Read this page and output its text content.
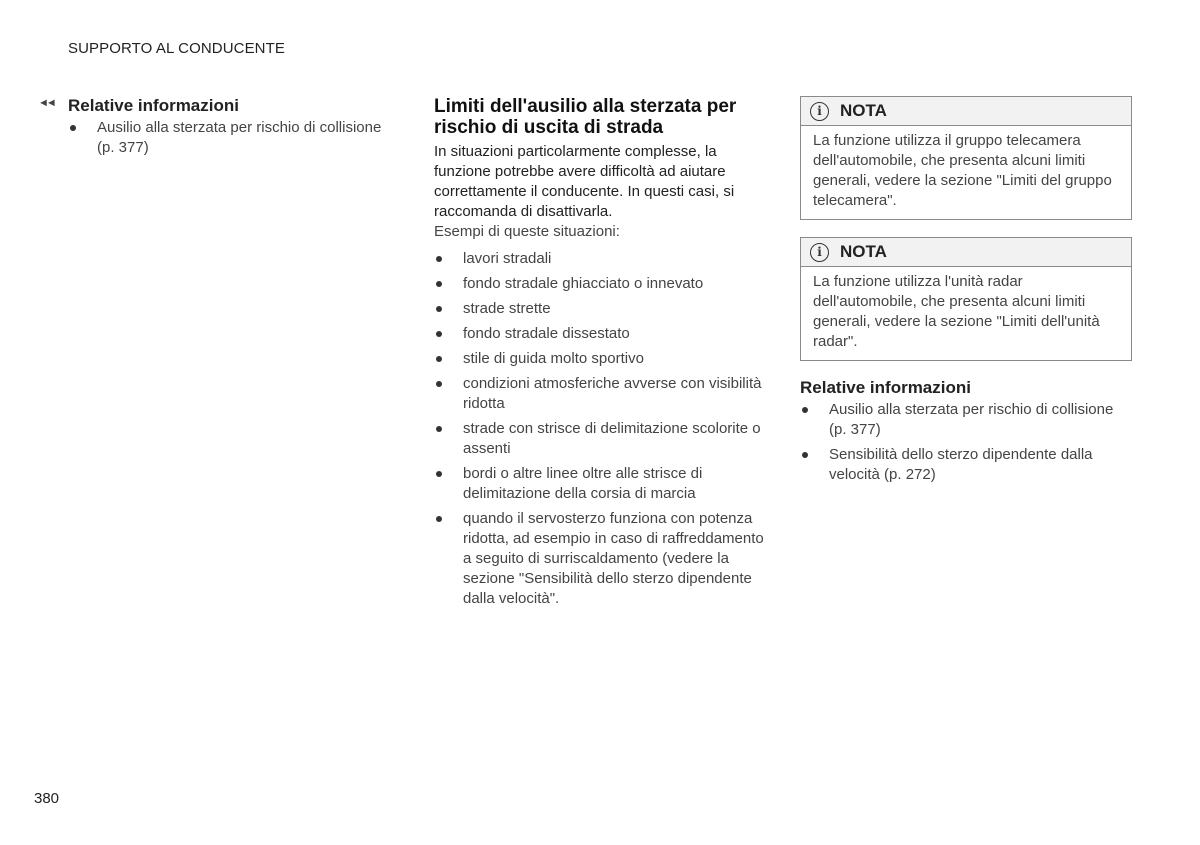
SUPPORTO AL CONDUCENTE
◄◄ Relative informazioni
Ausilio alla sterzata per rischio di collisione (p. 377)
Limiti dell'ausilio alla sterzata per rischio di uscita di strada

In situazioni particolarmente complesse, la funzione potrebbe avere difficoltà ad aiutare correttamente il conducente. In questi casi, si raccomanda di disattivarla.

Esempi di queste situazioni:

lavori stradali
fondo stradale ghiacciato o innevato
strade strette
fondo stradale dissestato
stile di guida molto sportivo
condizioni atmosferiche avverse con visibilità ridotta
strade con strisce di delimitazione scolorite o assenti
bordi o altre linee oltre alle strisce di delimitazione della corsia di marcia
quando il servosterzo funziona con potenza ridotta, ad esempio in caso di raffreddamento a seguito di surriscaldamento (vedere la sezione "Sensibilità dello sterzo dipendente dalla velocità".
i	NOTA
La funzione utilizza il gruppo telecamera dell'automobile, che presenta alcuni limiti generali, vedere la sezione "Limiti del gruppo telecamera".
i	NOTA
La funzione utilizza l'unità radar dell'automobile, che presenta alcuni limiti generali, vedere la sezione "Limiti dell'unità radar".
Relative informazioni
Ausilio alla sterzata per rischio di collisione (p. 377)
Sensibilità dello sterzo dipendente dalla velocità (p. 272)
380
